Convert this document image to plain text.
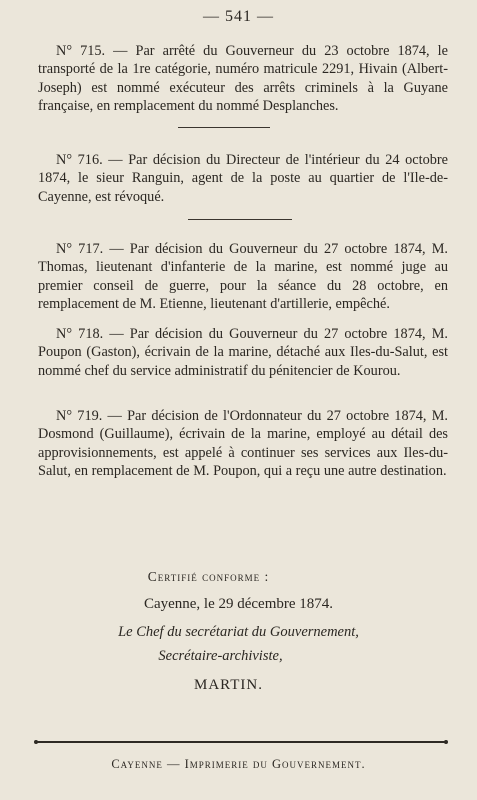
— 541 —
N° 715. — Par arrêté du Gouverneur du 23 octobre 1874, le transporté de la 1re catégorie, numéro matricule 2291, Hivain (Albert-Joseph) est nommé exécuteur des arrêts criminels à la Guyane française, en remplacement du nommé Desplanches.
N° 716. — Par décision du Directeur de l'intérieur du 24 octobre 1874, le sieur Ranguin, agent de la poste au quartier de l'Ile-de-Cayenne, est révoqué.
N° 717. — Par décision du Gouverneur du 27 octobre 1874, M. Thomas, lieutenant d'infanterie de la marine, est nommé juge au premier conseil de guerre, pour la séance du 28 octobre, en remplacement de M. Etienne, lieutenant d'artillerie, empêché.
N° 718. — Par décision du Gouverneur du 27 octobre 1874, M. Poupon (Gaston), écrivain de la marine, détaché aux Iles-du-Salut, est nommé chef du service administratif du pénitencier de Kourou.
N° 719. — Par décision de l'Ordonnateur du 27 octobre 1874, M. Dosmond (Guillaume), écrivain de la marine, employé au détail des approvisionnements, est appelé à continuer ses services aux Iles-du-Salut, en remplacement de M. Poupon, qui a reçu une autre destination.
Certifié conforme :
Cayenne, le 29 décembre 1874.
Le Chef du secrétariat du Gouvernement,
Secrétaire-archiviste,
MARTIN.
Cayenne — Imprimerie du Gouvernement.
